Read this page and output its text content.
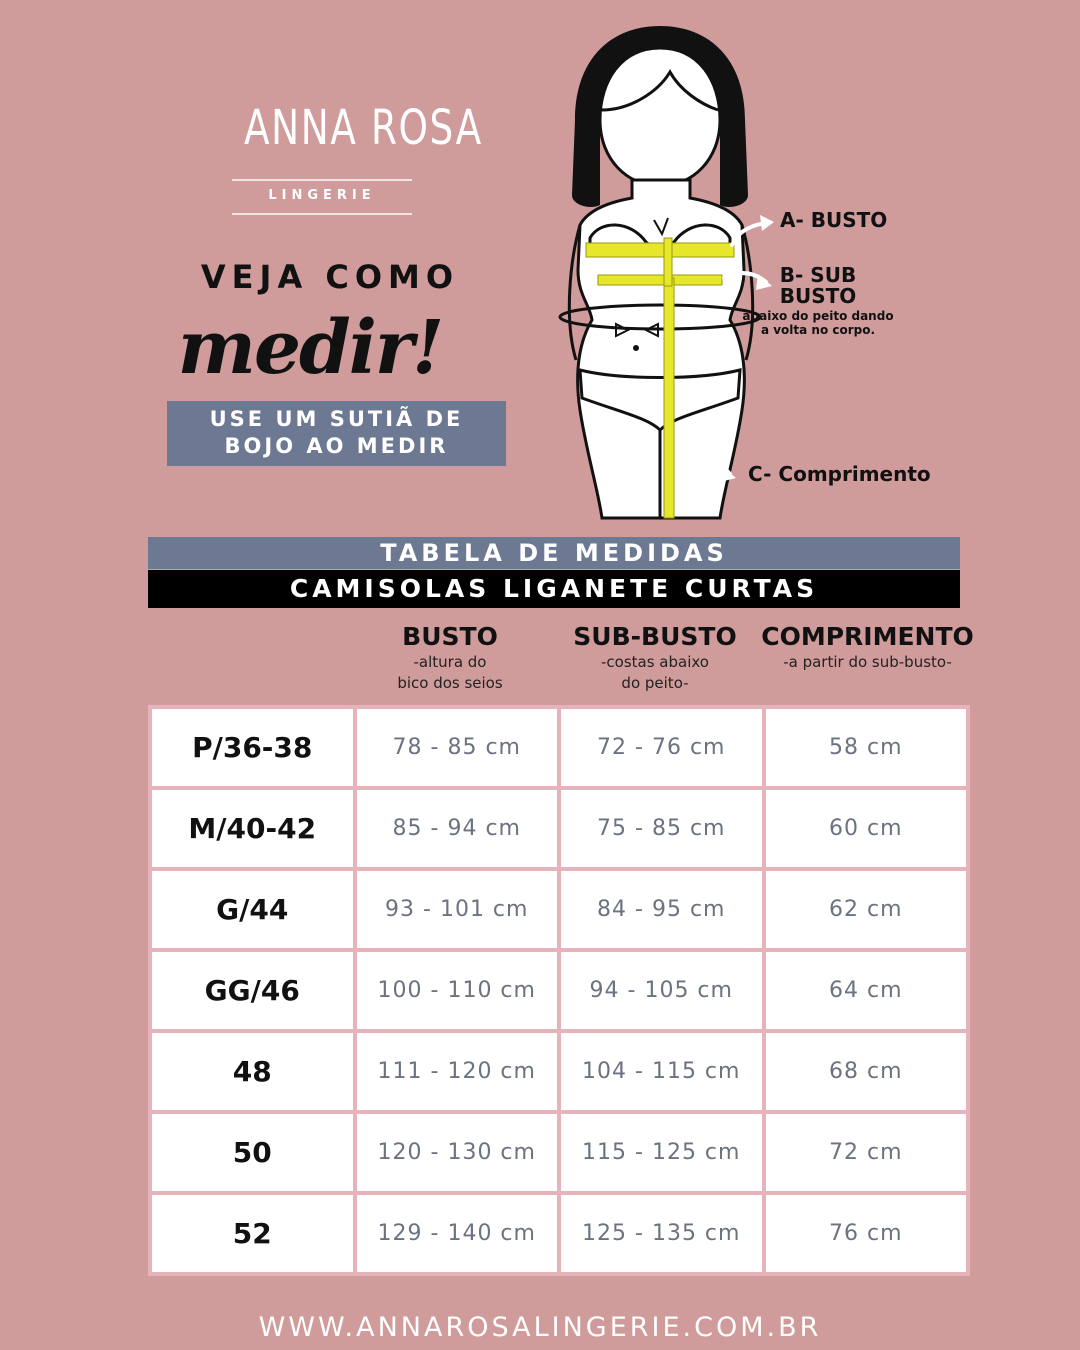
ANNA ROSA
LINGERIE
VEJA COMO
medir!
USE UM SUTIÃ DE
BOJO AO MEDIR
A- BUSTO
B- SUB
BUSTO
abaixo do peito dando
a volta no corpo.
C- Comprimento
TABELA DE MEDIDAS
CAMISOLAS LIGANETE CURTAS
BUSTO
-altura do
bico dos seios
SUB-BUSTO
-costas abaixo
do peito-
COMPRIMENTO
-a partir do sub-busto-
P/36-38	78 - 85 cm	72 - 76 cm	58 cm
M/40-42	85 - 94 cm	75 - 85 cm	60 cm
G/44	93 - 101 cm	84 - 95 cm	62 cm
GG/46	100 - 110 cm	94 - 105 cm	64 cm
48	111 - 120 cm	104 - 115 cm	68 cm
50	120 - 130 cm	115 - 125 cm	72 cm
52	129 - 140 cm	125 - 135 cm	76 cm
WWW.ANNAROSALINGERIE.COM.BR
